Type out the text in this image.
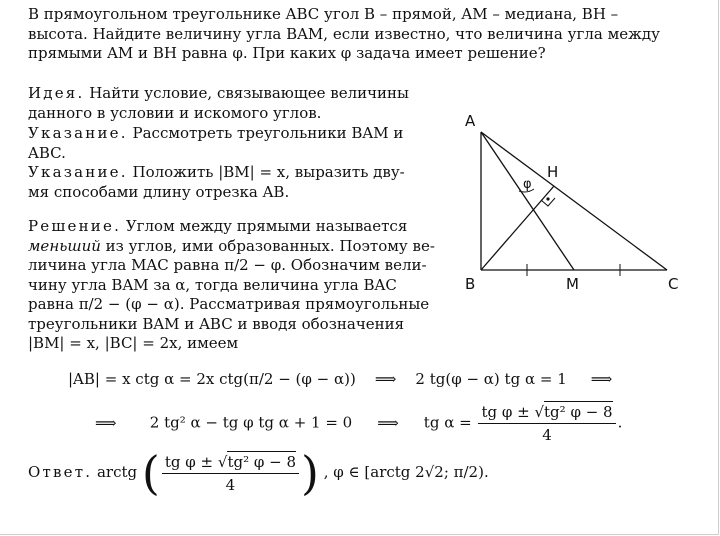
В прямоугольном треугольнике ABC угол B – прямой, AM – медиана, BH –
высота. Найдите величину угла BAM, если известно, что величина угла между
прямыми AM и BH равна φ. При каких φ задача имеет решение?
Идея. Найти условие, связывающее величины
данного в условии и искомого углов.
Указание. Рассмотреть треугольники BAM и
ABC.
Указание. Положить |BM| = x, выразить дву-
мя способами длину отрезка AB.
Решение. Углом между прямыми называется
меньший из углов, ими образованных. Поэтому ве-
личина угла MAC равна π/2 − φ. Обозначим вели-
чину угла BAM за α, тогда величина угла BAC
равна π/2 − (φ − α). Рассматривая прямоугольные
треугольники BAM и ABC и вводя обозначения
|BM| = x, |BC| = 2x, имеем
A
B	C
M
H
φ
|AB| = x ctg α = 2x ctg(π/2 − (φ − α)) ⟹ 2 tg(φ − α) tg α = 1 ⟹
⟹ 2 tg² α − tg φ tg α + 1 = 0 ⟹ tg $\alpha = \frac{\text{tg φ ± √tg² φ − 8}}{4}$ .
Ответ. arctg ( $\frac{\text{tg φ ± √tg² φ − 8}}{4}$ ) , φ ∈ [arctg 2√2; π/2).
